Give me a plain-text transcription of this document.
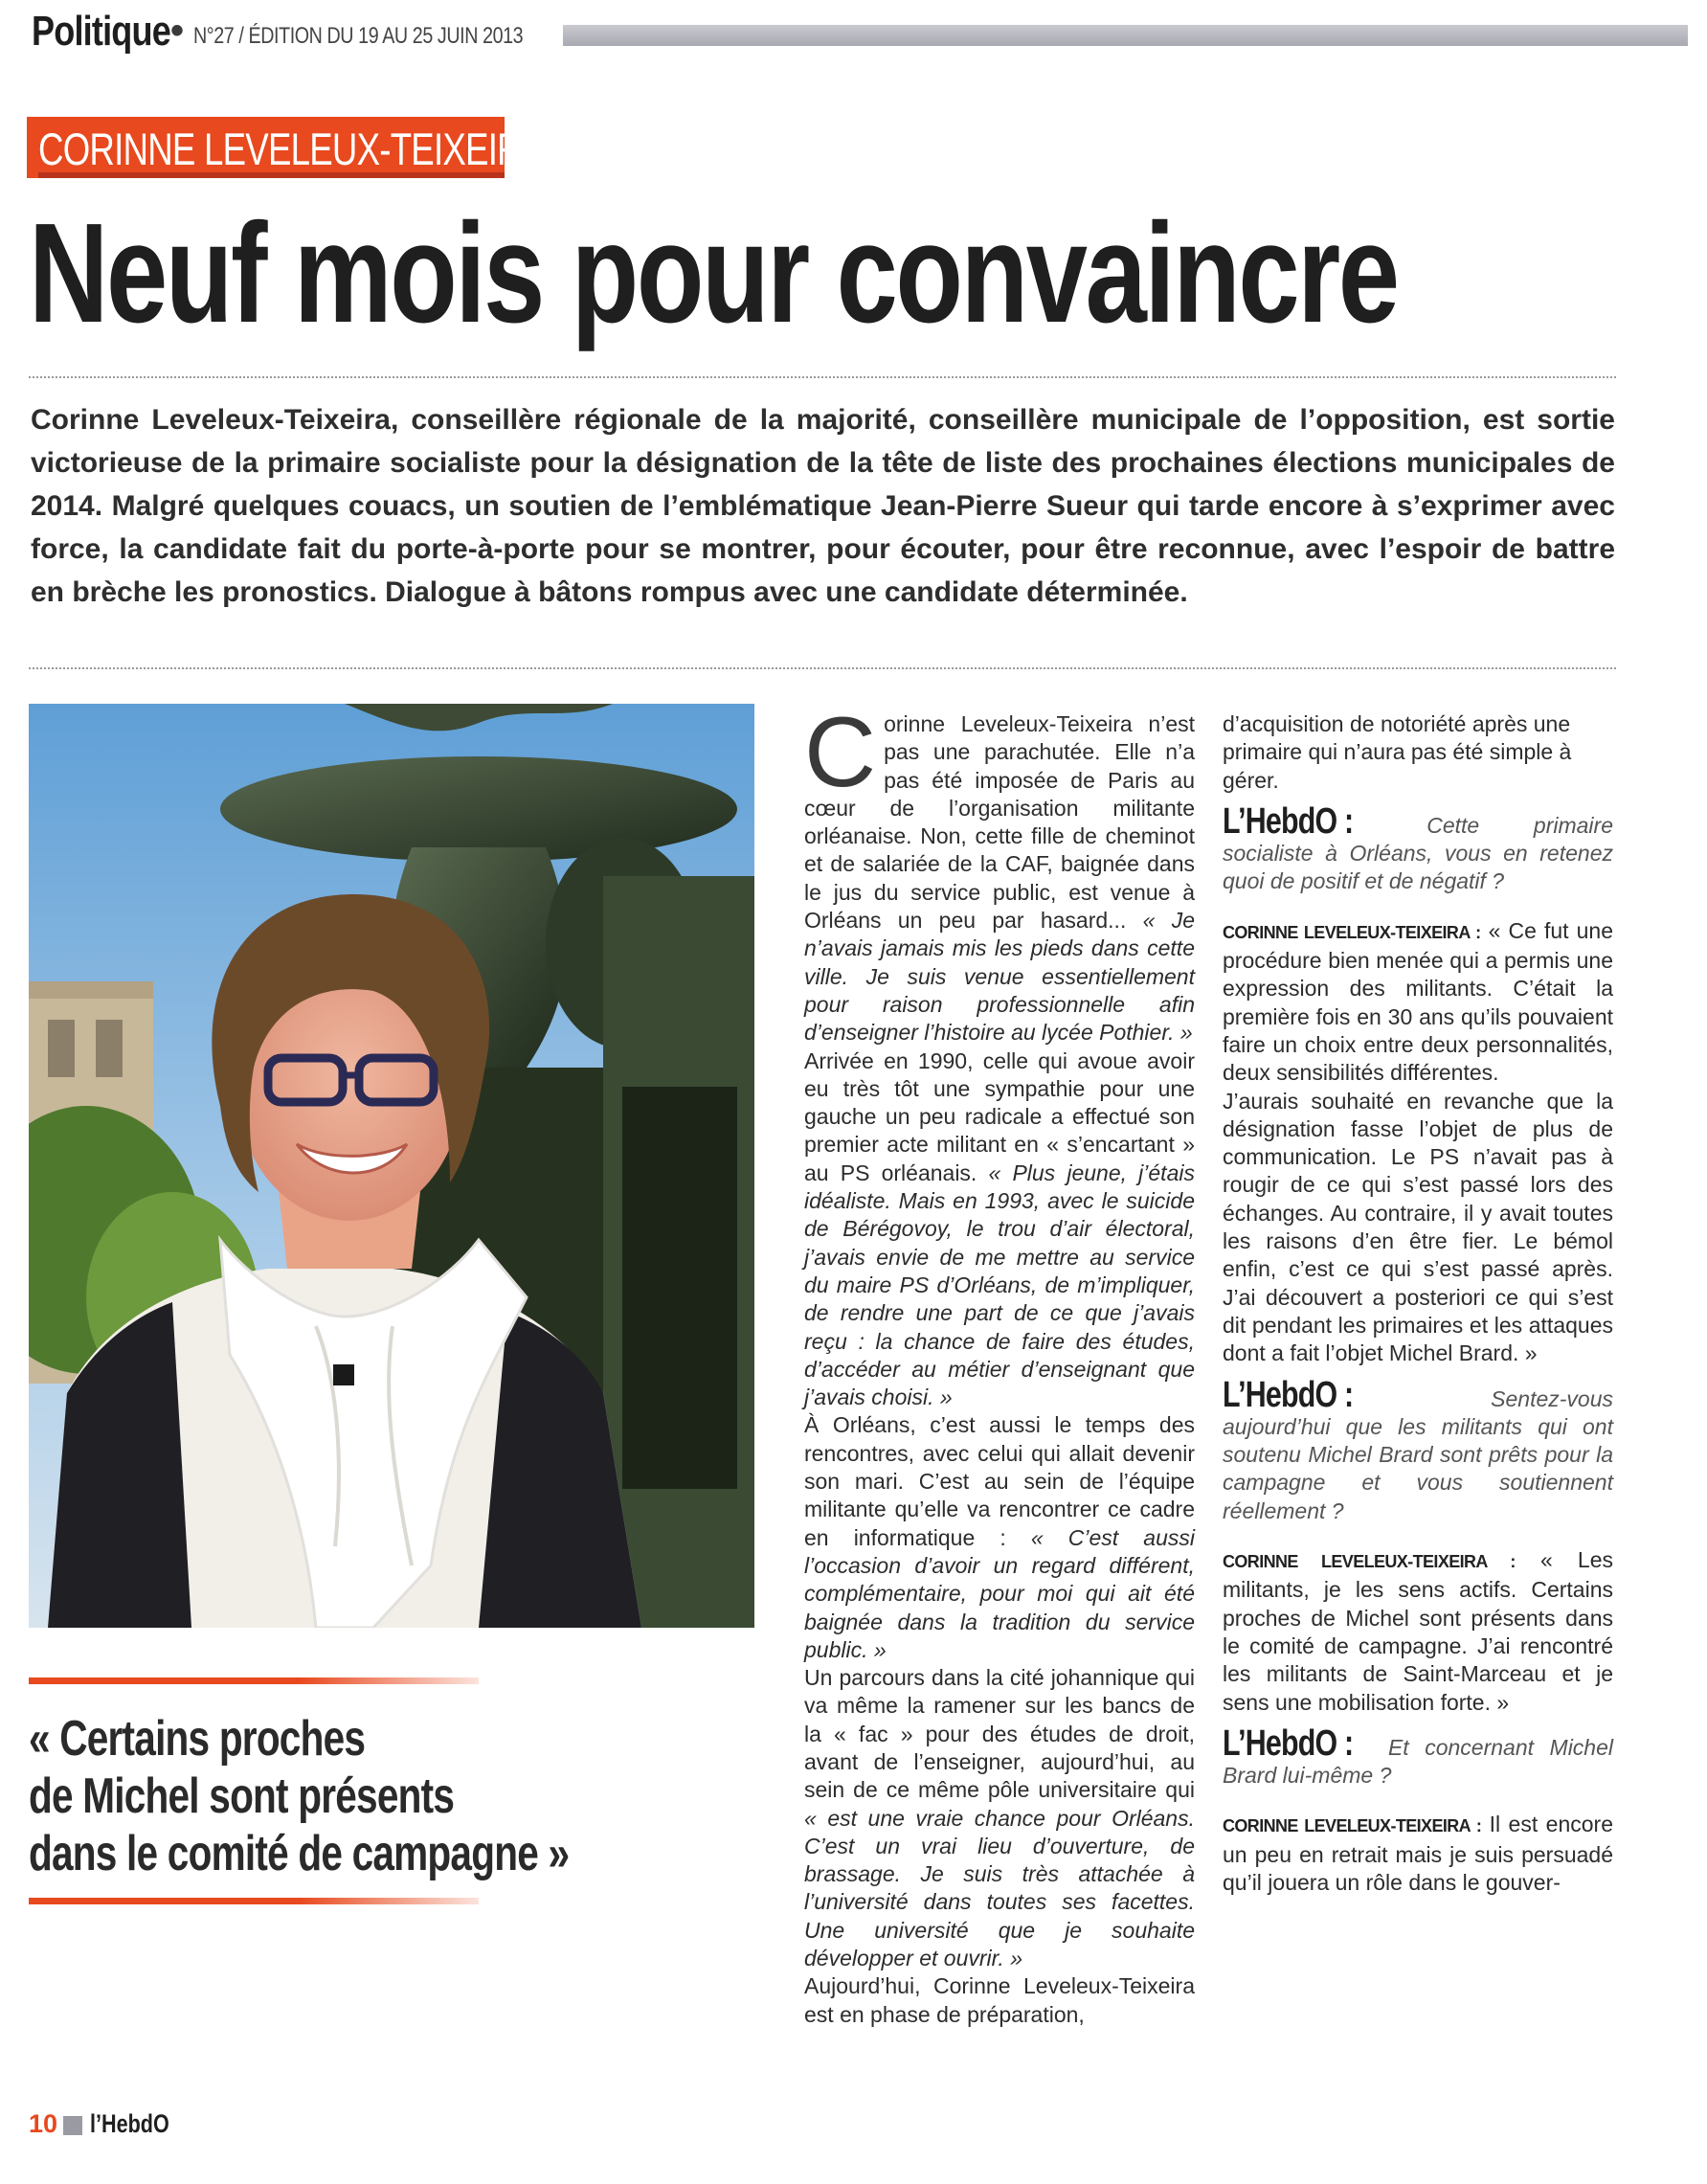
Politique • N°27 / ÉDITION DU 19 AU 25 JUIN 2013
CORINNE LEVELEUX-TEIXEIRA
Neuf mois pour convaincre
Corinne Leveleux-Teixeira, conseillère régionale de la majorité, conseillère municipale de l’opposition, est sortie victorieuse de la primaire socialiste pour la désignation de la tête de liste des prochaines élections municipales de 2014. Malgré quelques couacs, un soutien de l’emblématique Jean-Pierre Sueur qui tarde encore à s’exprimer avec force, la candidate fait du porte-à-porte pour se montrer, pour écouter, pour être reconnue, avec l’espoir de battre en brèche les pronostics. Dialogue à bâtons rompus avec une candidate déterminée.
« Certains proches
de Michel sont présents
dans le comité de campagne »

Corinne Leveleux-Teixeira n’est pas une parachutée. Elle n’a pas été imposée de Paris au cœur de l’organisation militante orléanaise. Non, cette fille de cheminot et de salariée de la CAF, baignée dans le jus du service public, est venue à Orléans un peu par hasard... « Je n’avais jamais mis les pieds dans cette ville. Je suis venue essentiellement pour raison professionnelle afin d’enseigner l’histoire au lycée Pothier. »

Arrivée en 1990, celle qui avoue avoir eu très tôt une sympathie pour une gauche un peu radicale a effectué son premier acte militant en « s’encartant » au PS orléanais. « Plus jeune, j’étais idéaliste. Mais en 1993, avec le suicide de Bérégovoy, le trou d’air électoral, j’avais envie de me mettre au service du maire PS d’Orléans, de m’impliquer, de rendre une part de ce que j’avais reçu : la chance de faire des études, d’accéder au métier d’enseignant que j’avais choisi. »

À Orléans, c’est aussi le temps des rencontres, avec celui qui allait devenir son mari. C’est au sein de l’équipe militante qu’elle va rencontrer ce cadre en informatique : « C’est aussi l’occasion d’avoir un regard différent, complémentaire, pour moi qui ait été baignée dans la tradition du service public. »

Un parcours dans la cité johannique qui va même la ramener sur les bancs de la « fac » pour des études de droit, avant de l’enseigner, aujourd’hui, au sein de ce même pôle universitaire qui « est une vraie chance pour Orléans. C’est un vrai lieu d’ouverture, de brassage. Je suis très attachée à l’université dans toutes ses facettes. Une université que je souhaite développer et ouvrir. »

Aujourd’hui, Corinne Leveleux-Teixeira est en phase de préparation,

d’acquisition de notoriété après une primaire qui n’aura pas été simple à gérer.

L’HebdO :	Cette primaire socialiste à Orléans, vous en retenez quoi de positif et de négatif ?

CORINNE LEVELEUX-TEIXEIRA : « Ce fut une procédure bien menée qui a permis une expression des militants. C’était la première fois en 30 ans qu’ils pouvaient faire un choix entre deux personnalités, deux sensibilités différentes.

J’aurais souhaité en revanche que la désignation fasse l’objet de plus de communication. Le PS n’avait pas à rougir de ce qui s’est passé lors des échanges. Au contraire, il y avait toutes les raisons d’en être fier. Le bémol enfin, c’est ce qui s’est passé après. J’ai découvert a posteriori ce qui s’est dit pendant les primaires et les attaques dont a fait l’objet Michel Brard. »

L’HebdO :	Sentez-vous aujourd’hui que les militants qui ont soutenu Michel Brard sont prêts pour la campagne et vous soutiennent réellement ?

CORINNE LEVELEUX-TEIXEIRA : « Les militants, je les sens actifs. Certains proches de Michel sont présents dans le comité de campagne. J’ai rencontré les militants de Saint-Marceau et je sens une mobilisation forte. »

L’HebdO : Et concernant Michel Brard lui-même ?

CORINNE LEVELEUX-TEIXEIRA : Il est encore un peu en retrait mais je suis persuadé qu’il jouera un rôle dans le gouver-

10 l’HebdO
